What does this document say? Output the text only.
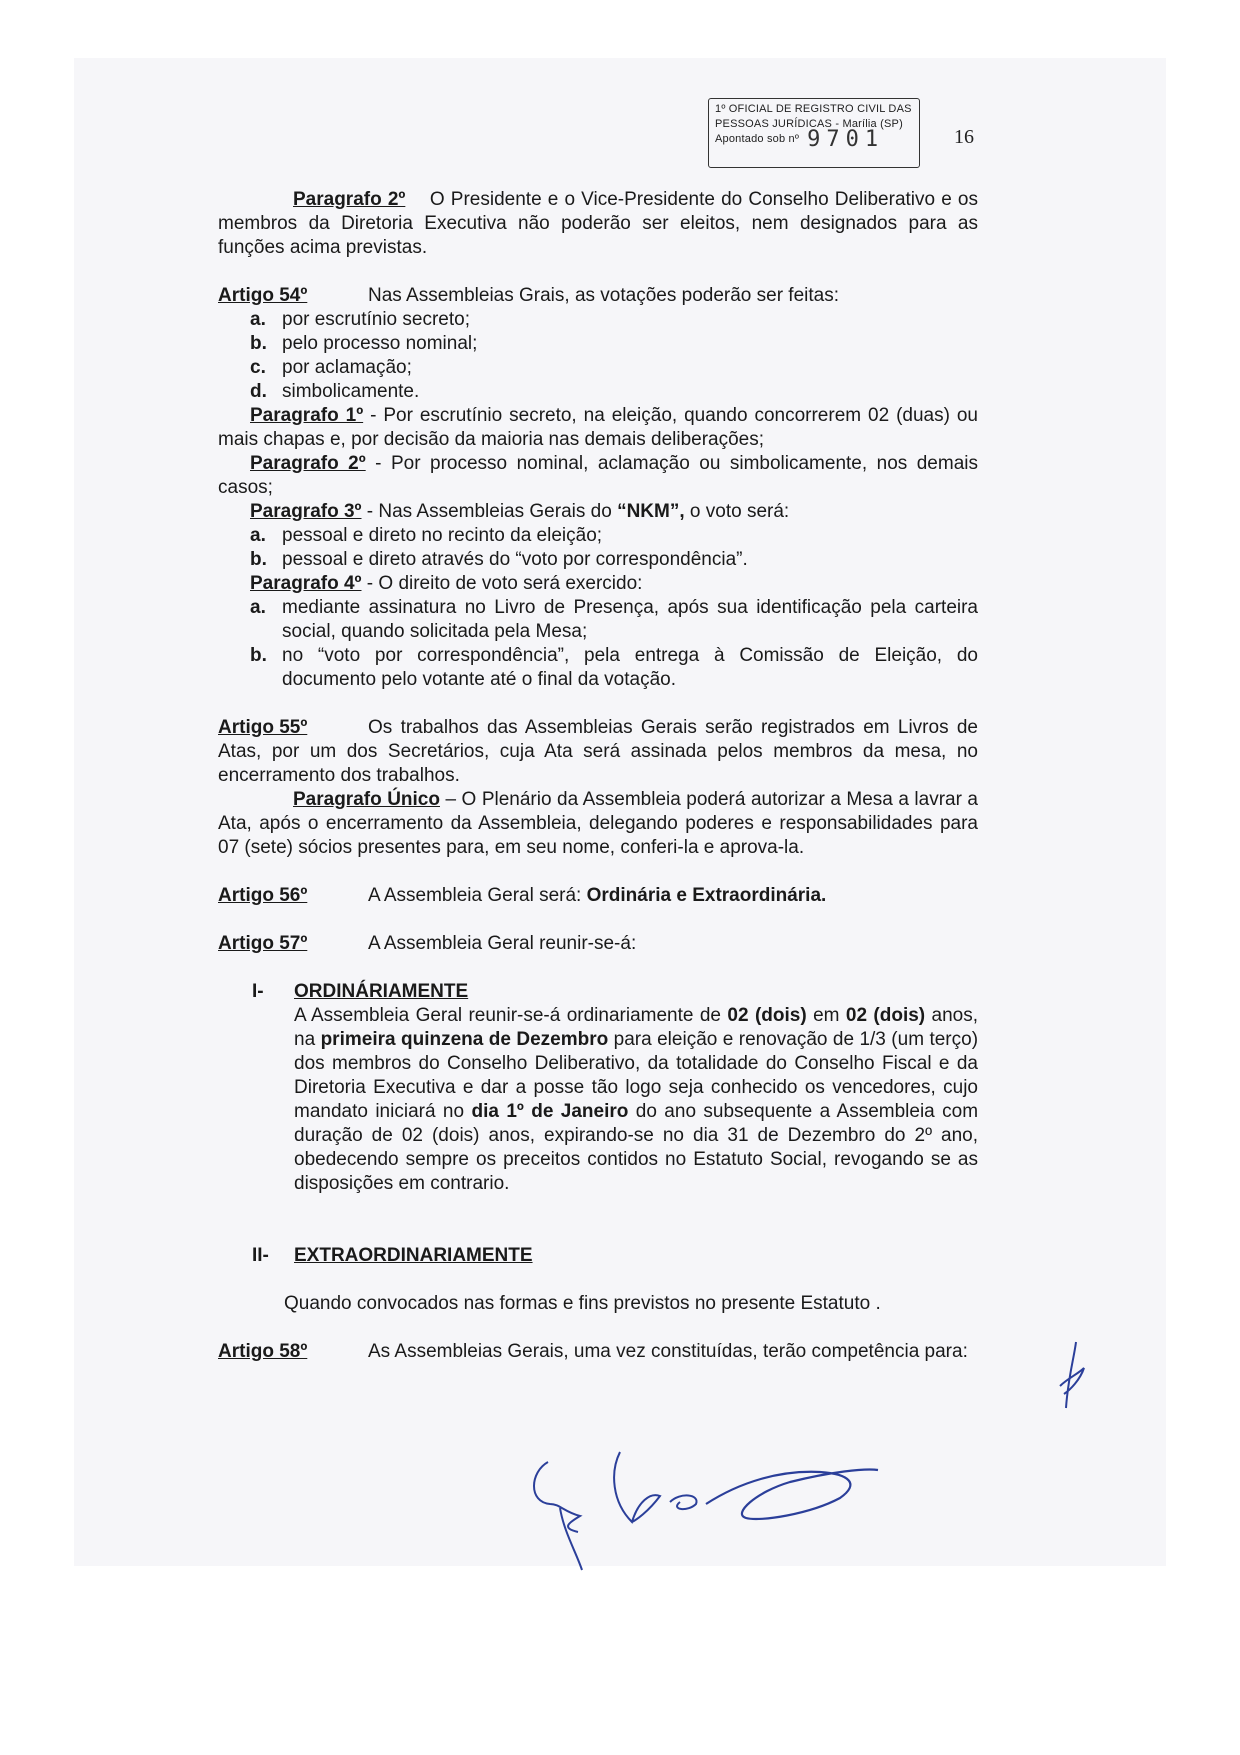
1º OFICIAL DE REGISTRO CIVIL DAS
PESSOAS JURÍDICAS - Marília (SP)
Apontado sob nº 9701	16

Paragrafo 2º O Presidente e o Vice-Presidente do Conselho Deliberativo e os membros da Diretoria Executiva não poderão ser eleitos, nem designados para as funções acima previstas.

Artigo 54º	Nas Assembleias Grais, as votações poderão ser feitas:

a. por escrutínio secreto;
b. pelo processo nominal;
c. por aclamação;
d. simbolicamente.

Paragrafo 1º - Por escrutínio secreto, na eleição, quando concorrerem 02 (duas) ou mais chapas e, por decisão da maioria nas demais deliberações;

Paragrafo 2º - Por processo nominal, aclamação ou simbolicamente, nos demais casos;

Paragrafo 3º - Nas Assembleias Gerais do “NKM”, o voto será:

a. pessoal e direto no recinto da eleição;
b. pessoal e direto através do “voto por correspondência”.

Paragrafo 4º - O direito de voto será exercido:

a. mediante assinatura no Livro de Presença, após sua identificação pela carteira social, quando solicitada pela Mesa;
b. no “voto por correspondência”, pela entrega à Comissão de Eleição, do documento pelo votante até o final da votação.

Artigo 55º	Os trabalhos das Assembleias Gerais serão registrados em Livros de Atas, por um dos Secretários, cuja Ata será assinada pelos membros da mesa, no encerramento dos trabalhos.

Paragrafo Único – O Plenário da Assembleia poderá autorizar a Mesa a lavrar a Ata, após o encerramento da Assembleia, delegando poderes e responsabilidades para 07 (sete) sócios presentes para, em seu nome, conferi-la e aprova-la.

Artigo 56º	A Assembleia Geral será: Ordinária e Extraordinária.

Artigo 57º	A Assembleia Geral reunir-se-á:

I- ORDINÁRIAMENTE

A Assembleia Geral reunir-se-á ordinariamente de 02 (dois) em 02 (dois) anos, na primeira quinzena de Dezembro para eleição e renovação de 1/3 (um terço) dos membros do Conselho Deliberativo, da totalidade do Conselho Fiscal e da Diretoria Executiva e dar a posse tão logo seja conhecido os vencedores, cujo mandato iniciará no dia 1º de Janeiro do ano subsequente a Assembleia com duração de 02 (dois) anos, expirando-se no dia 31 de Dezembro do 2º ano, obedecendo sempre os preceitos contidos no Estatuto Social, revogando se as disposições em contrario.

II- EXTRAORDINARIAMENTE

Quando convocados nas formas e fins previstos no presente Estatuto .

Artigo 58º	As Assembleias Gerais, uma vez constituídas, terão competência para:
